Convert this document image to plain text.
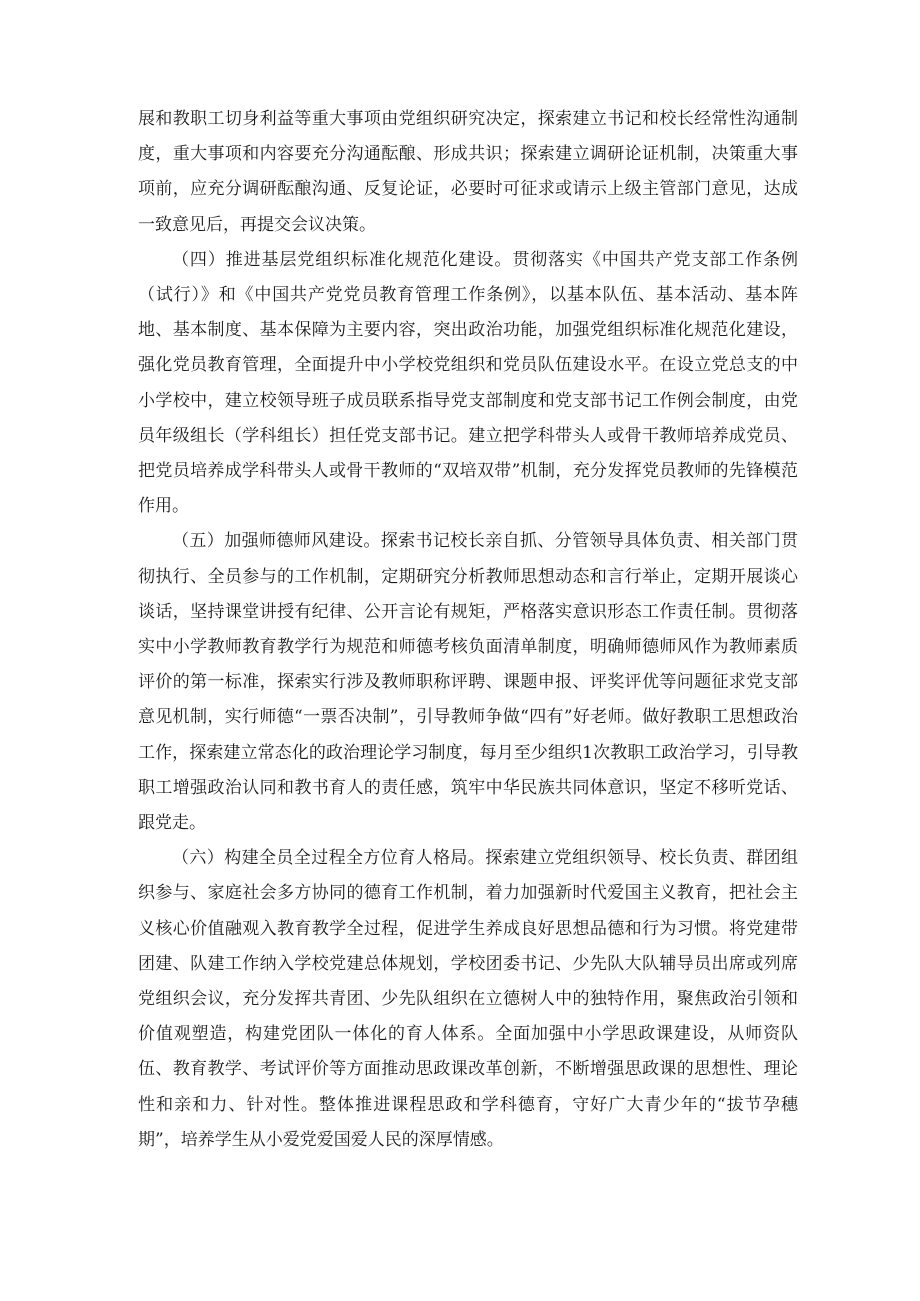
展和教职工切身利益等重大事项由党组织研究决定，探索建立书记和校长经常性沟通制度，重大事项和内容要充分沟通酝酿、形成共识；探索建立调研论证机制，决策重大事项前，应充分调研酝酿沟通、反复论证，必要时可征求或请示上级主管部门意见，达成一致意见后，再提交会议决策。

（四）推进基层党组织标准化规范化建设。贯彻落实《中国共产党支部工作条例（试行）》和《中国共产党党员教育管理工作条例》，以基本队伍、基本活动、基本阵地、基本制度、基本保障为主要内容，突出政治功能，加强党组织标准化规范化建设，强化党员教育管理，全面提升中小学校党组织和党员队伍建设水平。在设立党总支的中小学校中，建立校领导班子成员联系指导党支部制度和党支部书记工作例会制度，由党员年级组长（学科组长）担任党支部书记。建立把学科带头人或骨干教师培养成党员、把党员培养成学科带头人或骨干教师的“双培双带”机制，充分发挥党员教师的先锋模范作用。

（五）加强师德师风建设。探索书记校长亲自抓、分管领导具体负责、相关部门贯彻执行、全员参与的工作机制，定期研究分析教师思想动态和言行举止，定期开展谈心谈话，坚持课堂讲授有纪律、公开言论有规矩，严格落实意识形态工作责任制。贯彻落实中小学教师教育教学行为规范和师德考核负面清单制度，明确师德师风作为教师素质评价的第一标准，探索实行涉及教师职称评聘、课题申报、评奖评优等问题征求党支部意见机制，实行师德“一票否决制”，引导教师争做“四有”好老师。做好教职工思想政治工作，探索建立常态化的政治理论学习制度，每月至少组织1次教职工政治学习，引导教职工增强政治认同和教书育人的责任感，筑牢中华民族共同体意识，坚定不移听党话、跟党走。

（六）构建全员全过程全方位育人格局。探索建立党组织领导、校长负责、群团组织参与、家庭社会多方协同的德育工作机制，着力加强新时代爱国主义教育，把社会主义核心价值融观入教育教学全过程，促进学生养成良好思想品德和行为习惯。将党建带团建、队建工作纳入学校党建总体规划，学校团委书记、少先队大队辅导员出席或列席党组织会议，充分发挥共青团、少先队组织在立德树人中的独特作用，聚焦政治引领和价值观塑造，构建党团队一体化的育人体系。全面加强中小学思政课建设，从师资队伍、教育教学、考试评价等方面推动思政课改革创新，不断增强思政课的思想性、理论性和亲和力、针对性。整体推进课程思政和学科德育，守好广大青少年的“拔节孕穗期”，培养学生从小爱党爱国爱人民的深厚情感。
